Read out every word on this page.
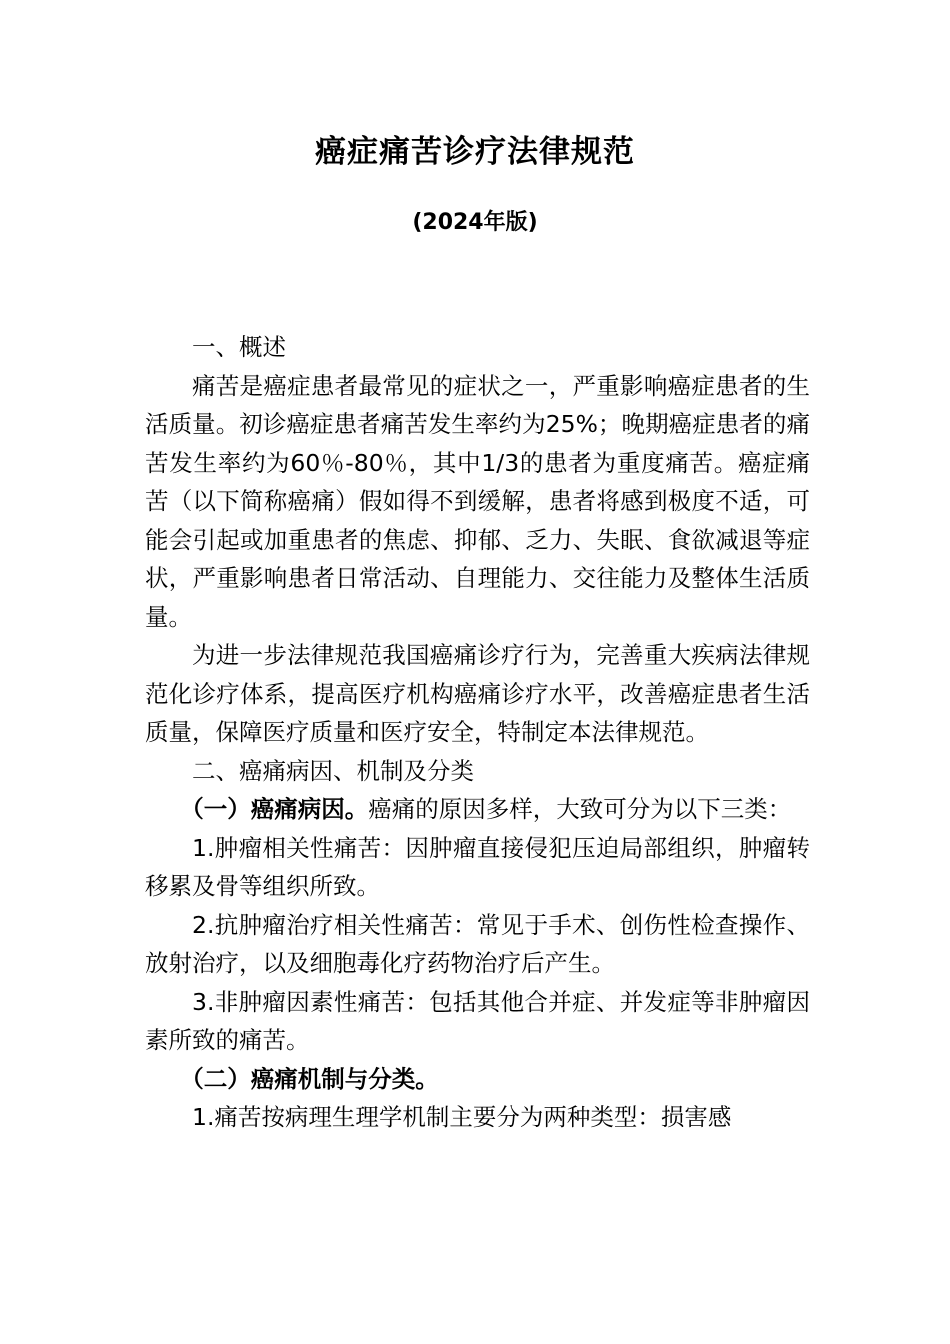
癌症痛苦诊疗法律规范
(2024年版)

一、概述

痛苦是癌症患者最常见的症状之一，严重影响癌症患者的生活质量。初诊癌症患者痛苦发生率约为25%；晚期癌症患者的痛苦发生率约为60％-80％，其中1/3的患者为重度痛苦。癌症痛苦（以下简称癌痛）假如得不到缓解，患者将感到极度不适，可能会引起或加重患者的焦虑、抑郁、乏力、失眠、食欲减退等症状，严重影响患者日常活动、自理能力、交往能力及整体生活质量。

为进一步法律规范我国癌痛诊疗行为，完善重大疾病法律规范化诊疗体系，提高医疗机构癌痛诊疗水平，改善癌症患者生活质量，保障医疗质量和医疗安全，特制定本法律规范。

二、癌痛病因、机制及分类

（一）癌痛病因。癌痛的原因多样，大致可分为以下三类：

1.肿瘤相关性痛苦：因肿瘤直接侵犯压迫局部组织，肿瘤转移累及骨等组织所致。

2.抗肿瘤治疗相关性痛苦：常见于手术、创伤性检查操作、放射治疗，以及细胞毒化疗药物治疗后产生。

3.非肿瘤因素性痛苦：包括其他合并症、并发症等非肿瘤因素所致的痛苦。

（二）癌痛机制与分类。

1.痛苦按病理生理学机制主要分为两种类型：损害感
